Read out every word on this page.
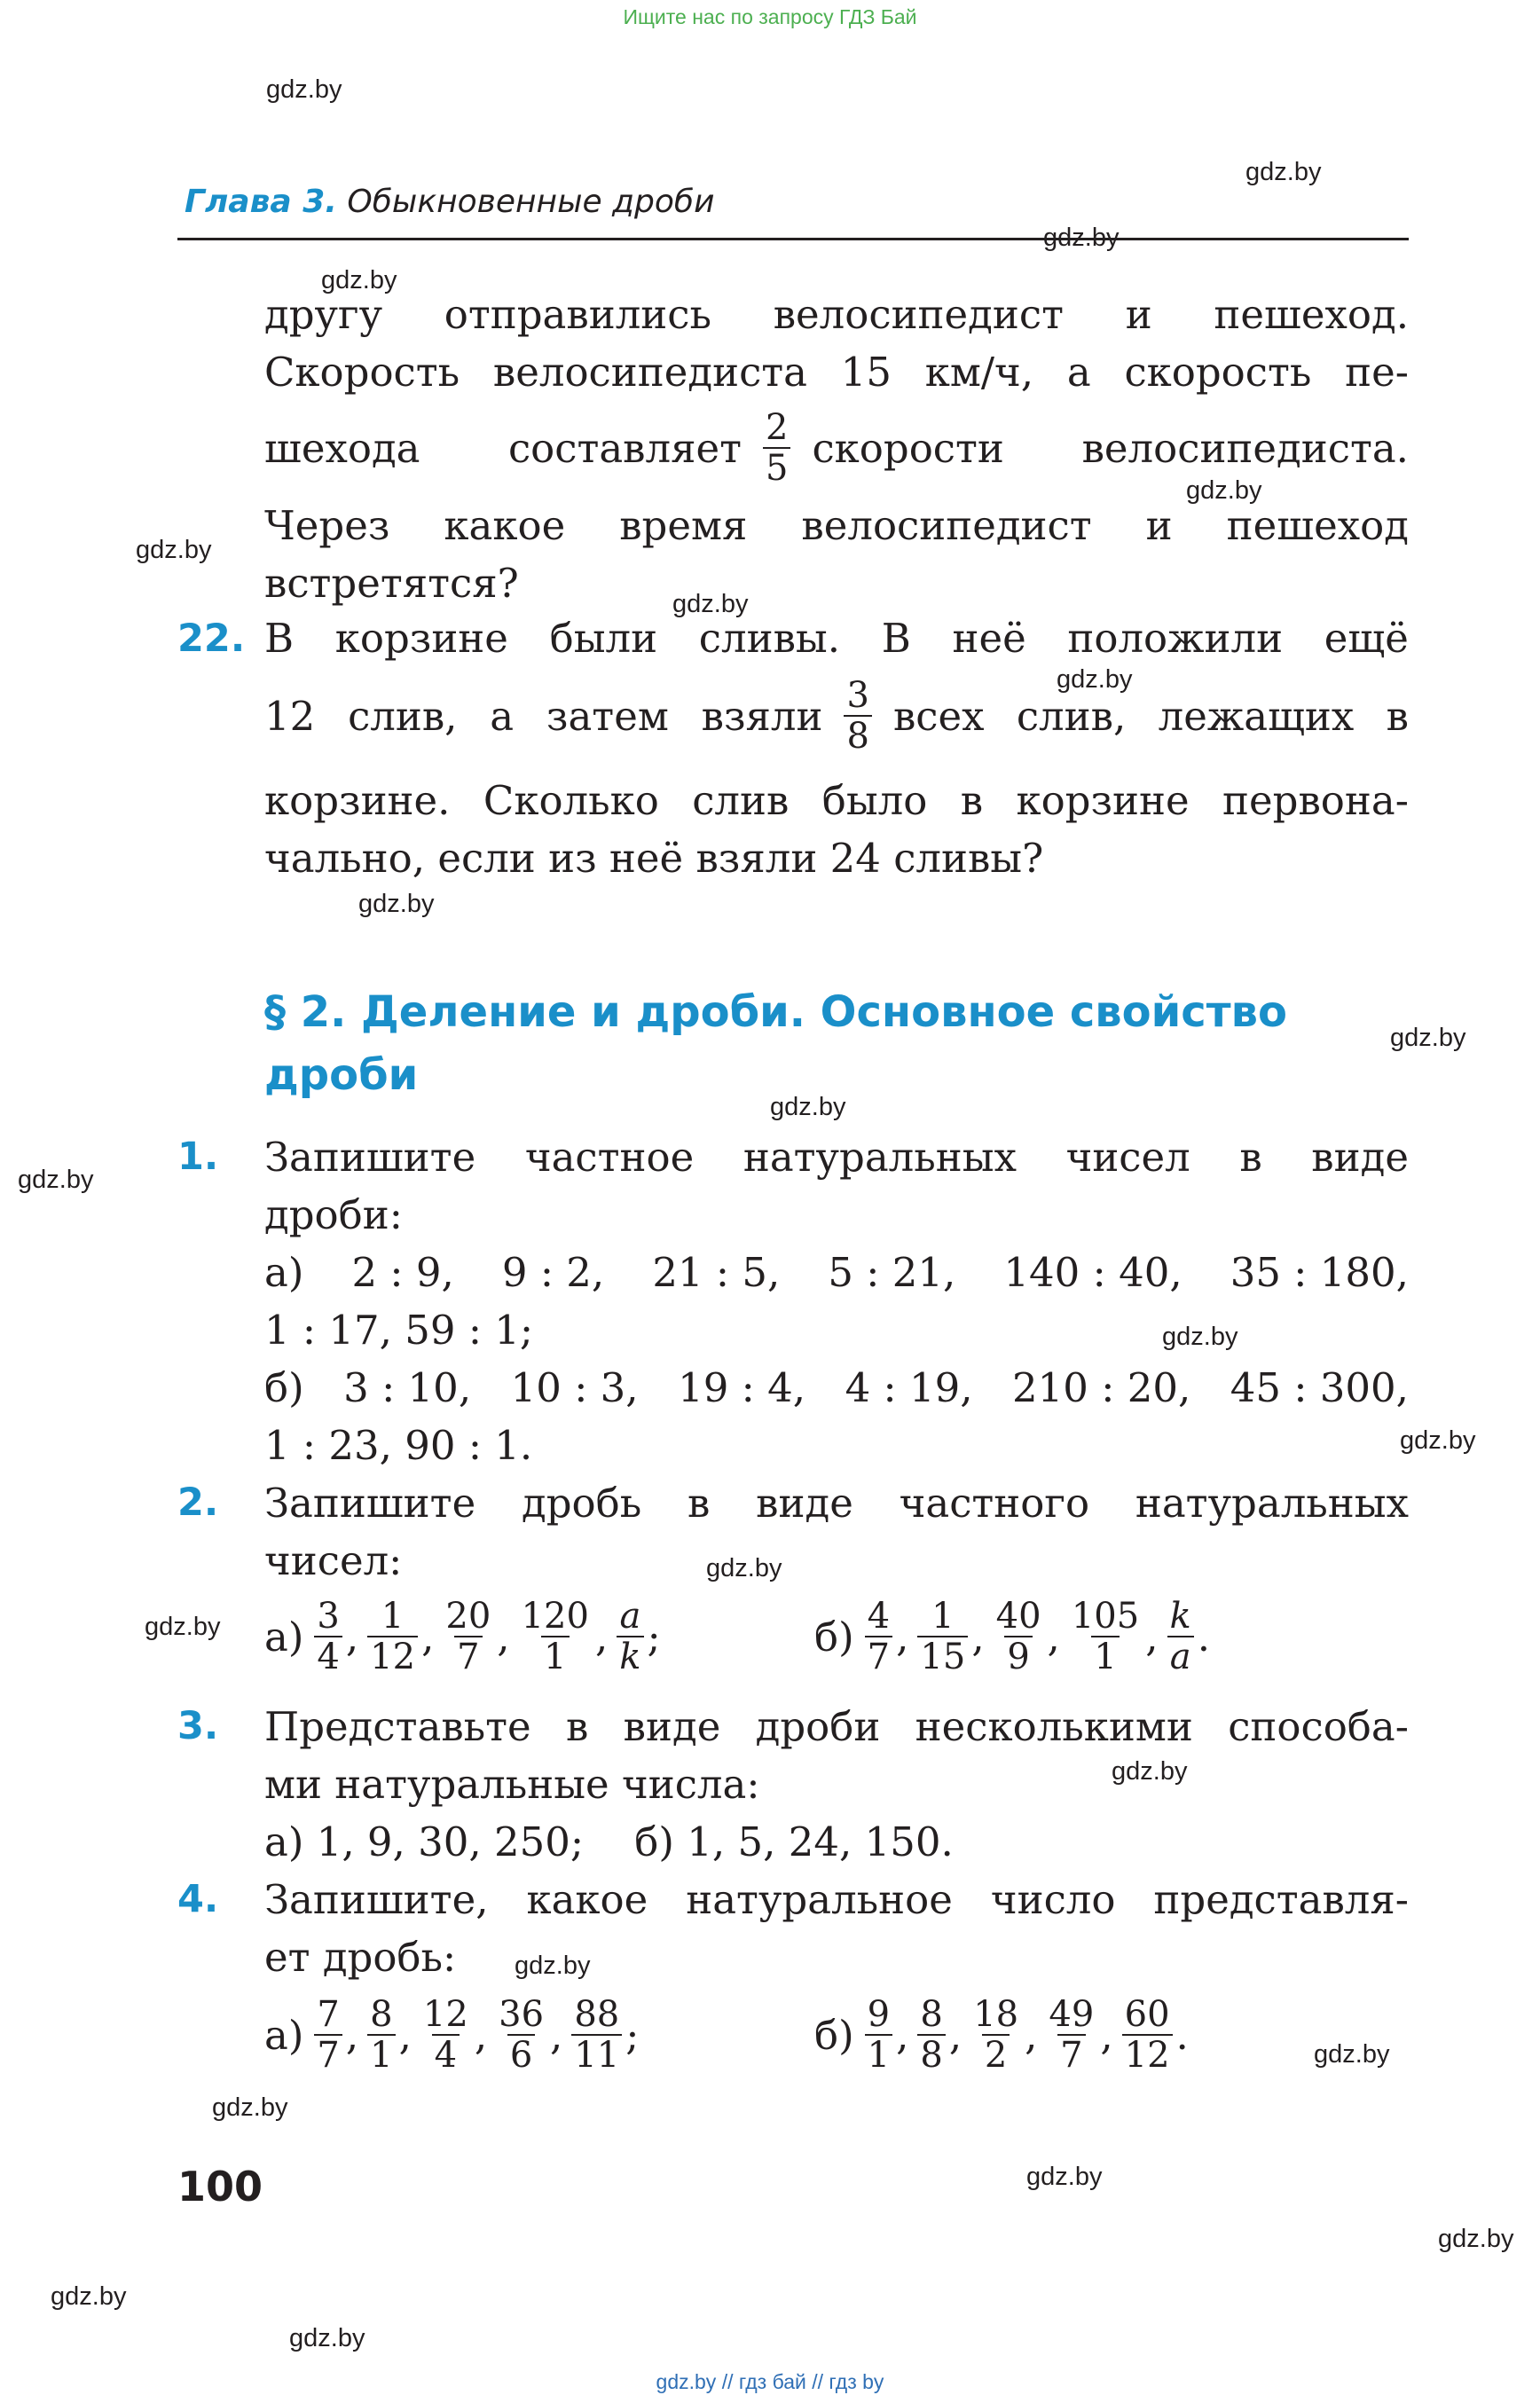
Ищите нас по запросу ГДЗ Бай
Глава 3. Обыкновенные дроби
другу отправились велосипедист и пешеход.
Скорость велосипедиста 15 км/ч, а скорость пе-
шехода составляет $\frac{2}{5}$ скорости велосипедиста.
Через какое время велосипедист и пешеход
встретятся?
22. В корзине были сливы. В неё положили ещё
12 слив, а затем взяли $\frac{3}{8}$ всех слив, лежащих в
корзине. Сколько слив было в корзине первона-
чально, если из неё взяли 24 сливы?
§ 2. Деление и дроби. Основное свойство
дроби
1. Запишите частное натуральных чисел в виде
дроби:
а) 2 : 9, 9 : 2, 21 : 5, 5 : 21, 140 : 40, 35 : 180,
1 : 17, 59 : 1;
б) 3 : 10, 10 : 3, 19 : 4, 4 : 19, 210 : 20, 45 : 300,
1 : 23, 90 : 1.
2. Запишите дробь в виде частного натуральных
чисел:
$а) \frac{3}{4}$ , $\frac{1}{12}$ , $\frac{20}{7}$ , $\frac{120}{1}$ , $\frac{a}{k}$ ;	$б) \frac{4}{7}$ , $\frac{1}{15}$ , $\frac{40}{9}$ , $\frac{105}{1}$ , $\frac{k}{a}$ .
3. Представьте в виде дроби несколькими способа-
ми натуральные числа:
а) 1, 9, 30, 250;    б) 1, 5, 24, 150.
4. Запишите, какое натуральное число представля-
ет дробь:
$а) \frac{7}{7}$ , $\frac{8}{1}$ , $\frac{12}{4}$ , $\frac{36}{6}$ , $\frac{88}{11}$ ;	$б) \frac{9}{1}$ , $\frac{8}{8}$ , $\frac{18}{2}$ , $\frac{49}{7}$ , $\frac{60}{12}$ .
100
gdz.by
gdz.by
gdz.by
gdz.by
gdz.by
gdz.by
gdz.by
gdz.by
gdz.by
gdz.by
gdz.by
gdz.by
gdz.by
gdz.by
gdz.by
gdz.by
gdz.by
gdz.by
gdz.by
gdz.by
gdz.by
gdz.by
gdz.by
gdz.by
gdz.by // гдз бай // гдз by
